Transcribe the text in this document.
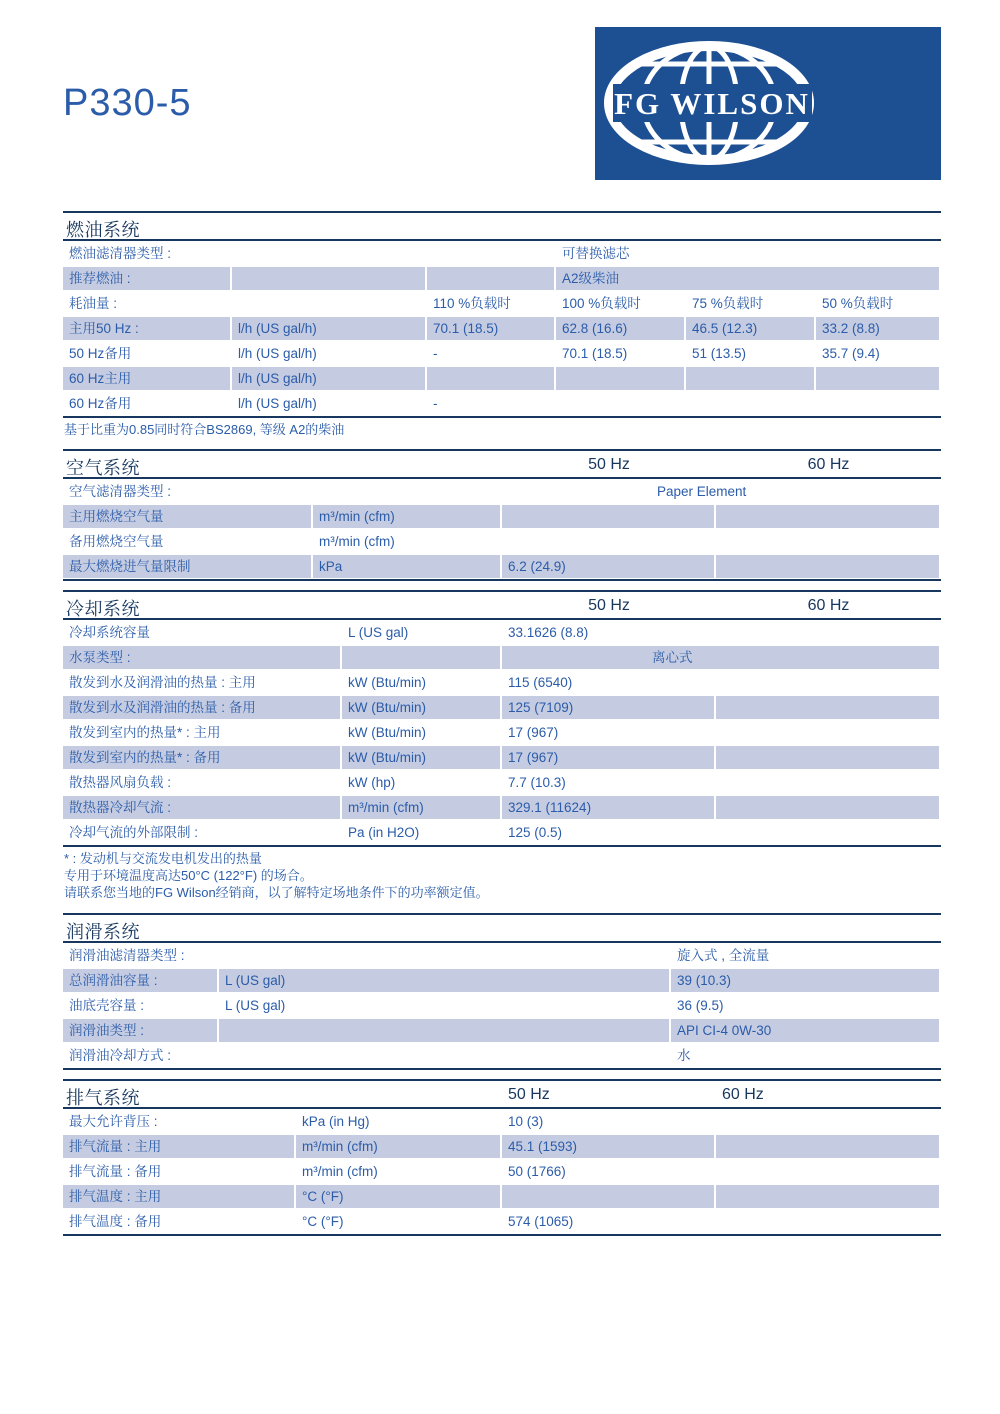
P330-5	FG WILSON
燃油系统
燃油滤清器类型 :	可替换滤芯
推荐燃油 :	A2级柴油
耗油量 :	110 %负载时	100 %负载时	75 %负载时	50 %负载时
主用50 Hz :	l/h (US gal/h)	70.1 (18.5)	62.8 (16.6)	46.5 (12.3)	33.2 (8.8)
50 Hz备用	l/h (US gal/h)	-	70.1 (18.5)	51 (13.5)	35.7 (9.4)
60 Hz主用	l/h (US gal/h)
60 Hz备用	l/h (US gal/h)	-
基于比重为0.85同时符合BS2869, 等级 A2的柴油
空气系统	50 Hz	60 Hz
空气滤清器类型 :	Paper Element
主用燃烧空气量	m³/min (cfm)
备用燃烧空气量	m³/min (cfm)
最大燃烧进气量限制	kPa	6.2 (24.9)
冷却系统	50 Hz	60 Hz
冷却系统容量	L (US gal)	33.1626 (8.8)
水泵类型 :	离心式
散发到水及润滑油的热量 : 主用	kW (Btu/min)	115 (6540)
散发到水及润滑油的热量 : 备用	kW (Btu/min)	125 (7109)
散发到室内的热量* : 主用	kW (Btu/min)	17 (967)
散发到室内的热量* : 备用	kW (Btu/min)	17 (967)
散热器风扇负载 :	kW (hp)	7.7 (10.3)
散热器冷却气流 :	m³/min (cfm)	329.1 (11624)
冷却气流的外部限制 :	Pa (in H2O)	125 (0.5)
* : 发动机与交流发电机发出的热量
专用于环境温度高达50°C (122°F) 的场合。
请联系您当地的FG Wilson经销商，以了解特定场地条件下的功率额定值。
润滑系统
润滑油滤清器类型 :	旋入式 , 全流量
总润滑油容量 :	L (US gal)	39 (10.3)
油底壳容量 :	L (US gal)	36 (9.5)
润滑油类型 :	API CI-4 0W-30
润滑油冷却方式 :	水
排气系统	50 Hz	60 Hz
最大允许背压 :	kPa (in Hg)	10 (3)
排气流量 : 主用	m³/min (cfm)	45.1 (1593)
排气流量 : 备用	m³/min (cfm)	50 (1766)
排气温度 : 主用	°C (°F)
排气温度 : 备用	°C (°F)	574 (1065)
